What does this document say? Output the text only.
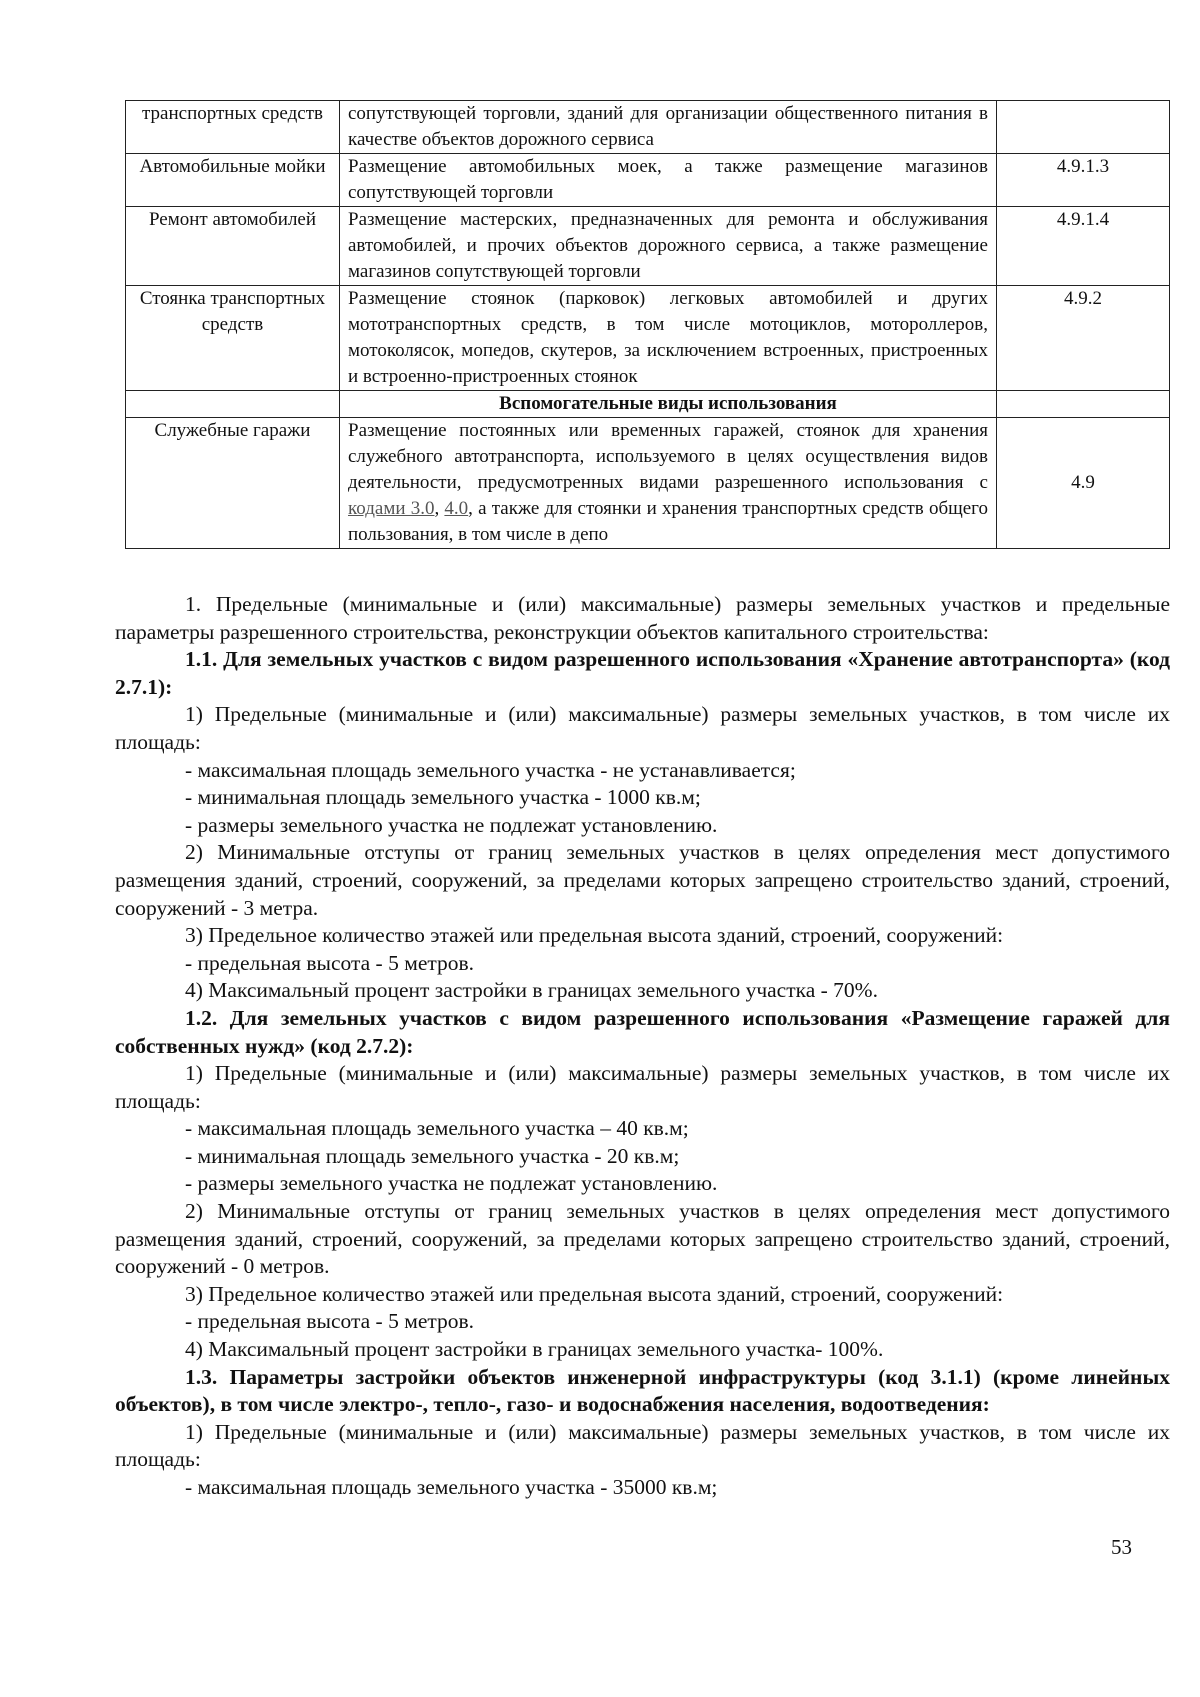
транспортных средств	сопутствующей торговли, зданий для организации общественного питания в качестве объектов дорожного сервиса	
Автомобильные мойки	Размещение автомобильных моек, а также размещение магазинов сопутствующей торговли	4.9.1.3
Ремонт автомобилей	Размещение мастерских, предназначенных для ремонта и обслуживания автомобилей, и прочих объектов дорожного сервиса, а также размещение магазинов сопутствующей торговли	4.9.1.4
Стоянка транспортных средств	Размещение стоянок (парковок) легковых автомобилей и других мототранспортных средств, в том числе мотоциклов, мотороллеров, мотоколясок, мопедов, скутеров, за исключением встроенных, пристроенных и встроенно-пристроенных стоянок	4.9.2
	Вспомогательные виды использования	
Служебные гаражи	Размещение постоянных или временных гаражей, стоянок для хранения служебного автотранспорта, используемого в целях осуществления видов деятельности, предусмотренных видами разрешенного использования с кодами 3.0, 4.0, а также для стоянки и хранения транспортных средств общего пользования, в том числе в депо	4.9

1. Предельные (минимальные и (или) максимальные) размеры земельных участков и предельные параметры разрешенного строительства, реконструкции объектов капитального строительства:

1.1. Для земельных участков с видом разрешенного использования «Хранение автотранспорта» (код 2.7.1):

1) Предельные (минимальные и (или) максимальные) размеры земельных участков, в том числе их площадь:

- максимальная площадь земельного участка - не устанавливается;

- минимальная площадь земельного участка - 1000 кв.м;

- размеры земельного участка не подлежат установлению.

2) Минимальные отступы от границ земельных участков в целях определения мест допустимого размещения зданий, строений, сооружений, за пределами которых запрещено строительство зданий, строений, сооружений - 3 метра.

3) Предельное количество этажей или предельная высота зданий, строений, сооружений:

- предельная высота - 5 метров.

4) Максимальный процент застройки в границах земельного участка - 70%.

1.2. Для земельных участков с видом разрешенного использования «Размещение гаражей для собственных нужд» (код 2.7.2):

1) Предельные (минимальные и (или) максимальные) размеры земельных участков, в том числе их площадь:

- максимальная площадь земельного участка – 40 кв.м;

- минимальная площадь земельного участка - 20 кв.м;

- размеры земельного участка не подлежат установлению.

2) Минимальные отступы от границ земельных участков в целях определения мест допустимого размещения зданий, строений, сооружений, за пределами которых запрещено строительство зданий, строений, сооружений - 0 метров.

3) Предельное количество этажей или предельная высота зданий, строений, сооружений:

- предельная высота - 5 метров.

4) Максимальный процент застройки в границах земельного участка- 100%.

1.3. Параметры застройки объектов инженерной инфраструктуры (код 3.1.1) (кроме линейных объектов), в том числе электро-, тепло-, газо- и водоснабжения населения, водоотведения:

1) Предельные (минимальные и (или) максимальные) размеры земельных участков, в том числе их площадь:

- максимальная площадь земельного участка - 35000 кв.м;

53
